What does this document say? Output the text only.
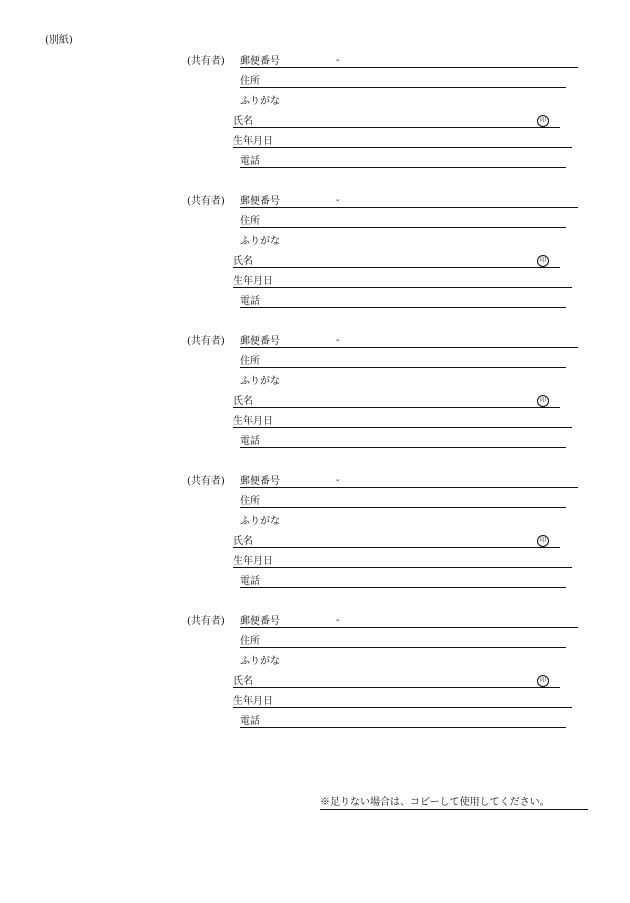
(別紙)
(共有者) 郵便番号	-
住所
ふりがな
氏名	印
生年月日
電話
(共有者) 郵便番号	-
住所
ふりがな
氏名	印
生年月日
電話
(共有者) 郵便番号	-
住所
ふりがな
氏名	印
生年月日
電話
(共有者) 郵便番号	-
住所
ふりがな
氏名	印
生年月日
電話
(共有者) 郵便番号	-
住所
ふりがな
氏名	印
生年月日
電話
※足りない場合は、コピーして使用してください。
